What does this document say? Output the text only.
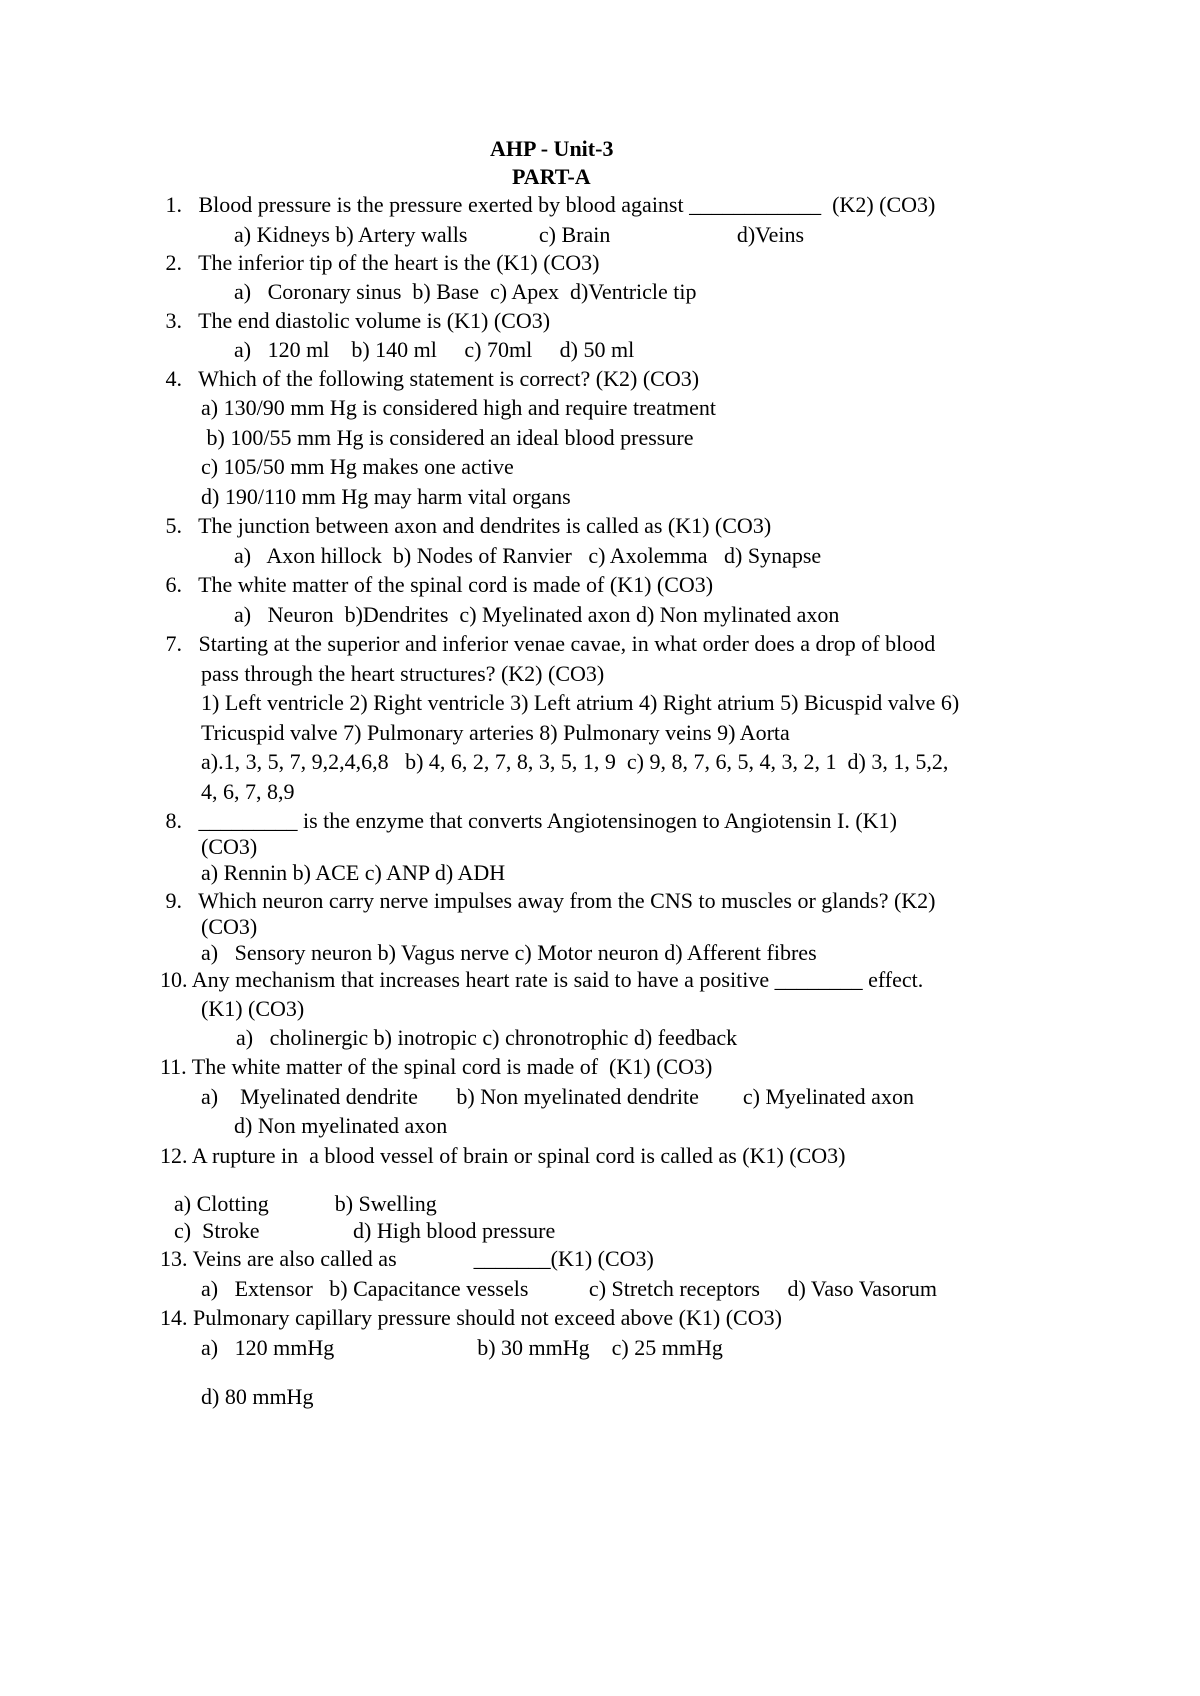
AHP - Unit-3
PART-A
1.   Blood pressure is the pressure exerted by blood against ____________  (K2) (CO3)
a) Kidneys b) Artery walls             c) Brain                       d)Veins
2.   The inferior tip of the heart is the (K1) (CO3)
a)   Coronary sinus  b) Base  c) Apex  d)Ventricle tip
3.   The end diastolic volume is (K1) (CO3)
a)   120 ml    b) 140 ml     c) 70ml     d) 50 ml
4.   Which of the following statement is correct? (K2) (CO3)
a) 130/90 mm Hg is considered high and require treatment
b) 100/55 mm Hg is considered an ideal blood pressure
c) 105/50 mm Hg makes one active
d) 190/110 mm Hg may harm vital organs
5.   The junction between axon and dendrites is called as (K1) (CO3)
a)   Axon hillock  b) Nodes of Ranvier   c) Axolemma   d) Synapse
6.   The white matter of the spinal cord is made of (K1) (CO3)
a)   Neuron  b)Dendrites  c) Myelinated axon d) Non mylinated axon
7.   Starting at the superior and inferior venae cavae, in what order does a drop of blood
pass through the heart structures? (K2) (CO3)
1) Left ventricle 2) Right ventricle 3) Left atrium 4) Right atrium 5) Bicuspid valve 6)
Tricuspid valve 7) Pulmonary arteries 8) Pulmonary veins 9) Aorta
a).1, 3, 5, 7, 9,2,4,6,8   b) 4, 6, 2, 7, 8, 3, 5, 1, 9  c) 9, 8, 7, 6, 5, 4, 3, 2, 1  d) 3, 1, 5,2,
4, 6, 7, 8,9
8.   _________ is the enzyme that converts Angiotensinogen to Angiotensin I. (K1)
(CO3)
a) Rennin b) ACE c) ANP d) ADH
9.   Which neuron carry nerve impulses away from the CNS to muscles or glands? (K2)
(CO3)
a)   Sensory neuron b) Vagus nerve c) Motor neuron d) Afferent fibres
10. Any mechanism that increases heart rate is said to have a positive ________ effect.
(K1) (CO3)
a)   cholinergic b) inotropic c) chronotrophic d) feedback
11. The white matter of the spinal cord is made of  (K1) (CO3)
a)    Myelinated dendrite       b) Non myelinated dendrite        c) Myelinated axon
d) Non myelinated axon
12. A rupture in  a blood vessel of brain or spinal cord is called as (K1) (CO3)
a) Clotting            b) Swelling
c)  Stroke                 d) High blood pressure
13. Veins are also called as              _______(K1) (CO3)
a)   Extensor   b) Capacitance vessels           c) Stretch receptors     d) Vaso Vasorum
14. Pulmonary capillary pressure should not exceed above (K1) (CO3)
a)   120 mmHg                          b) 30 mmHg    c) 25 mmHg
d) 80 mmHg
